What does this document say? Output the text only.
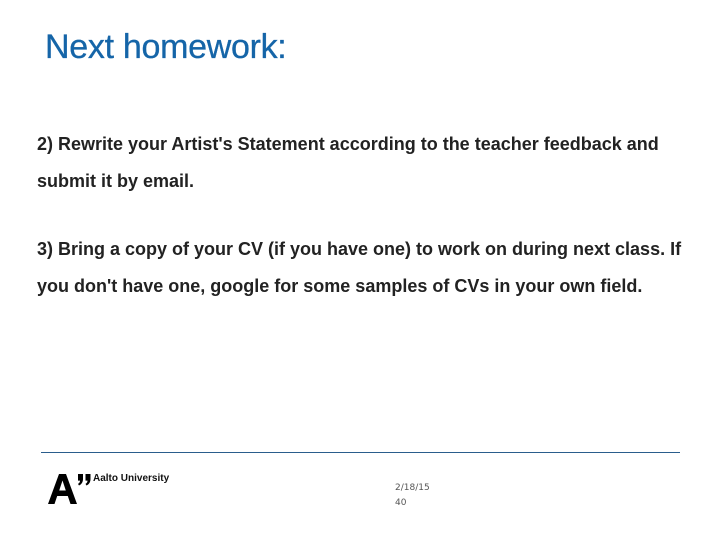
Next homework:

2) Rewrite your Artist's Statement according to the teacher feedback and submit it by email.

3) Bring a copy of your CV (if you have one) to work on during next class. If you don't have one, google for some samples of CVs in your own field.

Aalto University
2/18/15
40
